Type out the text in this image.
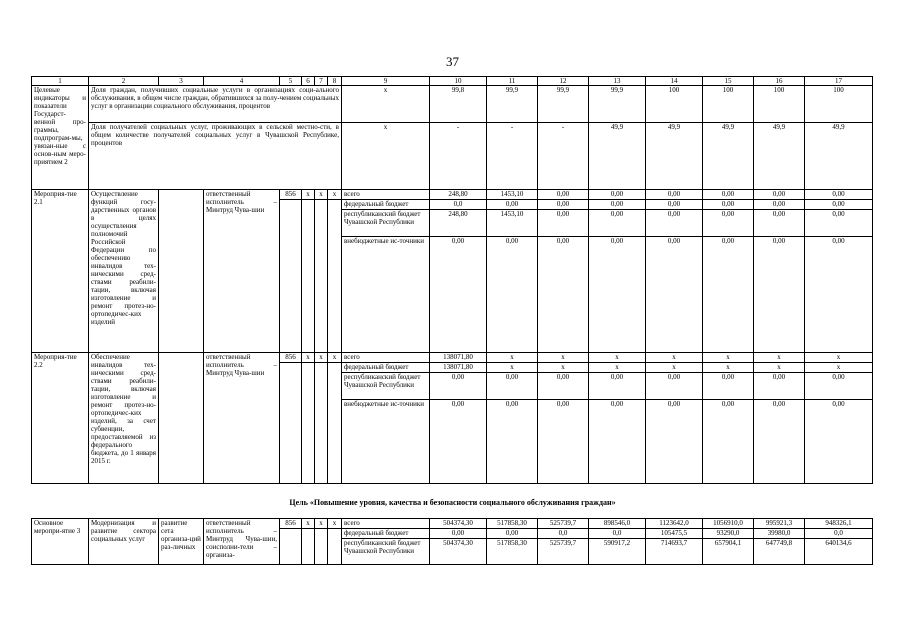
37
1	2	3	4	5	6	7	8	9	10	11	12	13	14	15	16	17
Целевые индикаторы и показатели Государст-венной про-граммы, подпрограм-мы, увязан-ные с основ-ным меро-приятием 2	Доля граждан, получивших социальные услуги в организациях соци-ального обслуживания, в общем числе граждан, обратившихся за полу-чением социальных услуг в организации социального обслуживания, процентов							x	99,8	99,9	99,9	99,9	100	100	100	100
	Доля получателей социальных услуг, проживающих в сельской местно-сти, в общем количестве получателей социальных услуг в Чувашской Республике, процентов							x	-	-	-	49,9	49,9	49,9	49,9	49,9
Мероприя-тие 2.1	Осуществление функций госу-дарственных органов в целях осуществления полномочий Российской Федерации по обеспечению инвалидов тех-ническими сред-ствами реабили-тации, включая изготовление и ремонт протез-но-ортопедичес-ких изделий		ответственный исполнитель – Минтруд Чува-шии	856	x	x	x	всего	248,80	1453,10	0,00	0,00	0,00	0,00	0,00	0,00
								федеральный бюджет	0,0	0,00	0,00	0,00	0,00	0,00	0,00	0,00
								республиканский бюджет Чувашской Республики	248,80	1453,10	0,00	0,00	0,00	0,00	0,00	0,00
								внебюджетные ис-точники	0,00	0,00	0,00	0,00	0,00	0,00	0,00	0,00
Мероприя-тие 2.2	Обеспечение инвалидов тех-ническими сред-ствами реабили-тации, включая изготовление и ремонт протез-но-ортопедичес-ких изделий, за счет субвенции, предоставляемой из федерального бюджета, до 1 января 2015 г.		ответственный исполнитель – Минтруд Чува-шии	856	x	x	x	всего	138071,80	x	x	x	x	x	x	x
								федеральный бюджет	138071,80	x	x	x	x	x	x	x
								республиканский бюджет Чувашской Республики	0,00	0,00	0,00	0,00	0,00	0,00	0,00	0,00
								внебюджетные ис-точники	0,00	0,00	0,00	0,00	0,00	0,00	0,00	0,00
Цель «Повышение уровня, качества и безопасности социального обслуживания граждан»
Основное меропри-ятие 3	Модернизация и развитие сектора социальных услуг	развитие сета организа-ций раз-личных	ответственный исполнитель – Минтруд Чува-шии, соисполни-тели – организа-	856	x	x	x	всего	504374,30	517858,30	525739,7	898546,0	1123642,0	1056910,0	995921,3	948326,1
								федеральный бюджет	0,00	0,00	0,0	0,0	105475,5	93290,0	39980,0	0,0
								республиканский бюджет Чувашской Республики	504374,30	517858,30	525739,7	590917,2	714693,7	657904,1	647749,8	640134,6
